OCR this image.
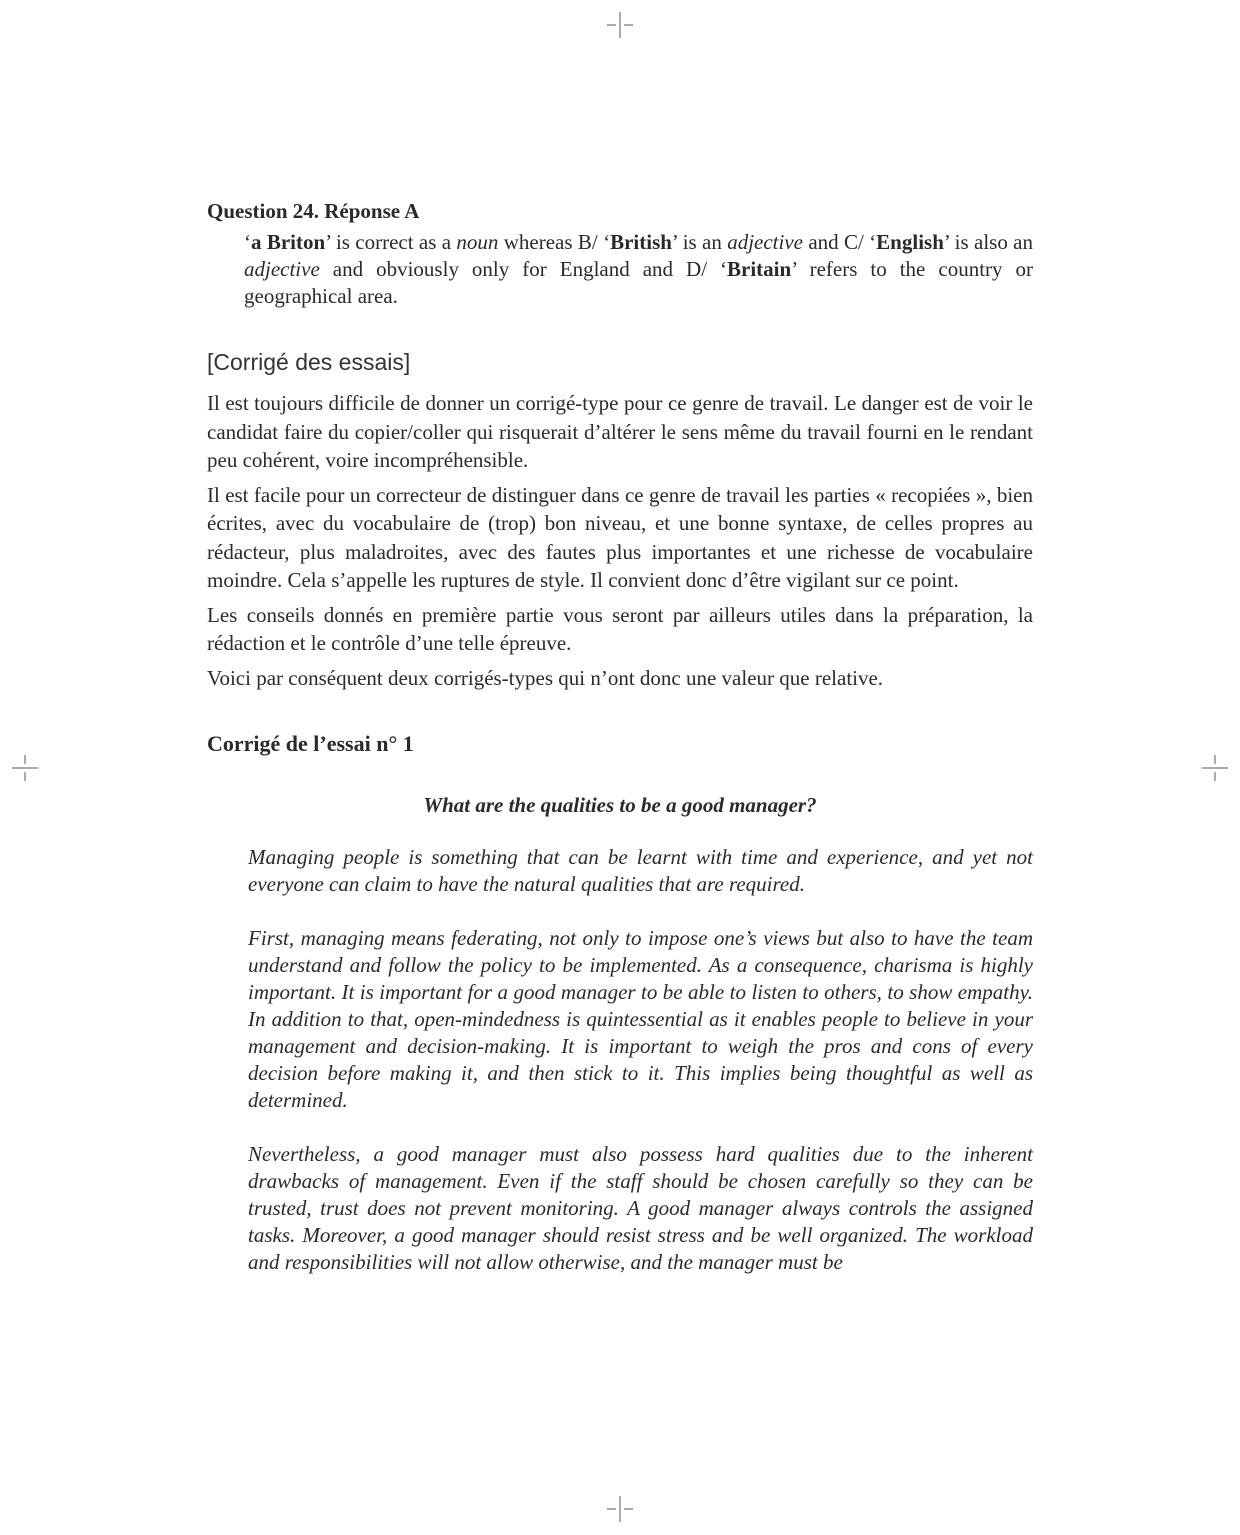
Question 24. Réponse A

‘a Briton’ is correct as a noun whereas B/ ‘British’ is an adjective and C/ ‘English’ is also an adjective and obviously only for England and D/ ‘Britain’ refers to the country or geographical area.

[Corrigé des essais]

Il est toujours difficile de donner un corrigé-type pour ce genre de travail. Le danger est de voir le candidat faire du copier/coller qui risquerait d’altérer le sens même du travail fourni en le rendant peu cohérent, voire incompréhensible.

Il est facile pour un correcteur de distinguer dans ce genre de travail les parties « recopiées », bien écrites, avec du vocabulaire de (trop) bon niveau, et une bonne syntaxe, de celles propres au rédacteur, plus maladroites, avec des fautes plus importantes et une richesse de vocabulaire moindre. Cela s’appelle les ruptures de style. Il convient donc d’être vigilant sur ce point.

Les conseils donnés en première partie vous seront par ailleurs utiles dans la préparation, la rédaction et le contrôle d’une telle épreuve.

Voici par conséquent deux corrigés-types qui n’ont donc une valeur que relative.

Corrigé de l’essai n° 1

What are the qualities to be a good manager?

Managing people is something that can be learnt with time and experience, and yet not everyone can claim to have the natural qualities that are required.

First, managing means federating, not only to impose one’s views but also to have the team understand and follow the policy to be implemented. As a consequence, charisma is highly important. It is important for a good manager to be able to listen to others, to show empathy. In addition to that, open-mindedness is quintessential as it enables people to believe in your management and decision-making. It is important to weigh the pros and cons of every decision before making it, and then stick to it. This implies being thoughtful as well as determined.

Nevertheless, a good manager must also possess hard qualities due to the inherent drawbacks of management. Even if the staff should be chosen carefully so they can be trusted, trust does not prevent monitoring. A good manager always controls the assigned tasks. Moreover, a good manager should resist stress and be well organized. The workload and responsibilities will not allow otherwise, and the manager must be
